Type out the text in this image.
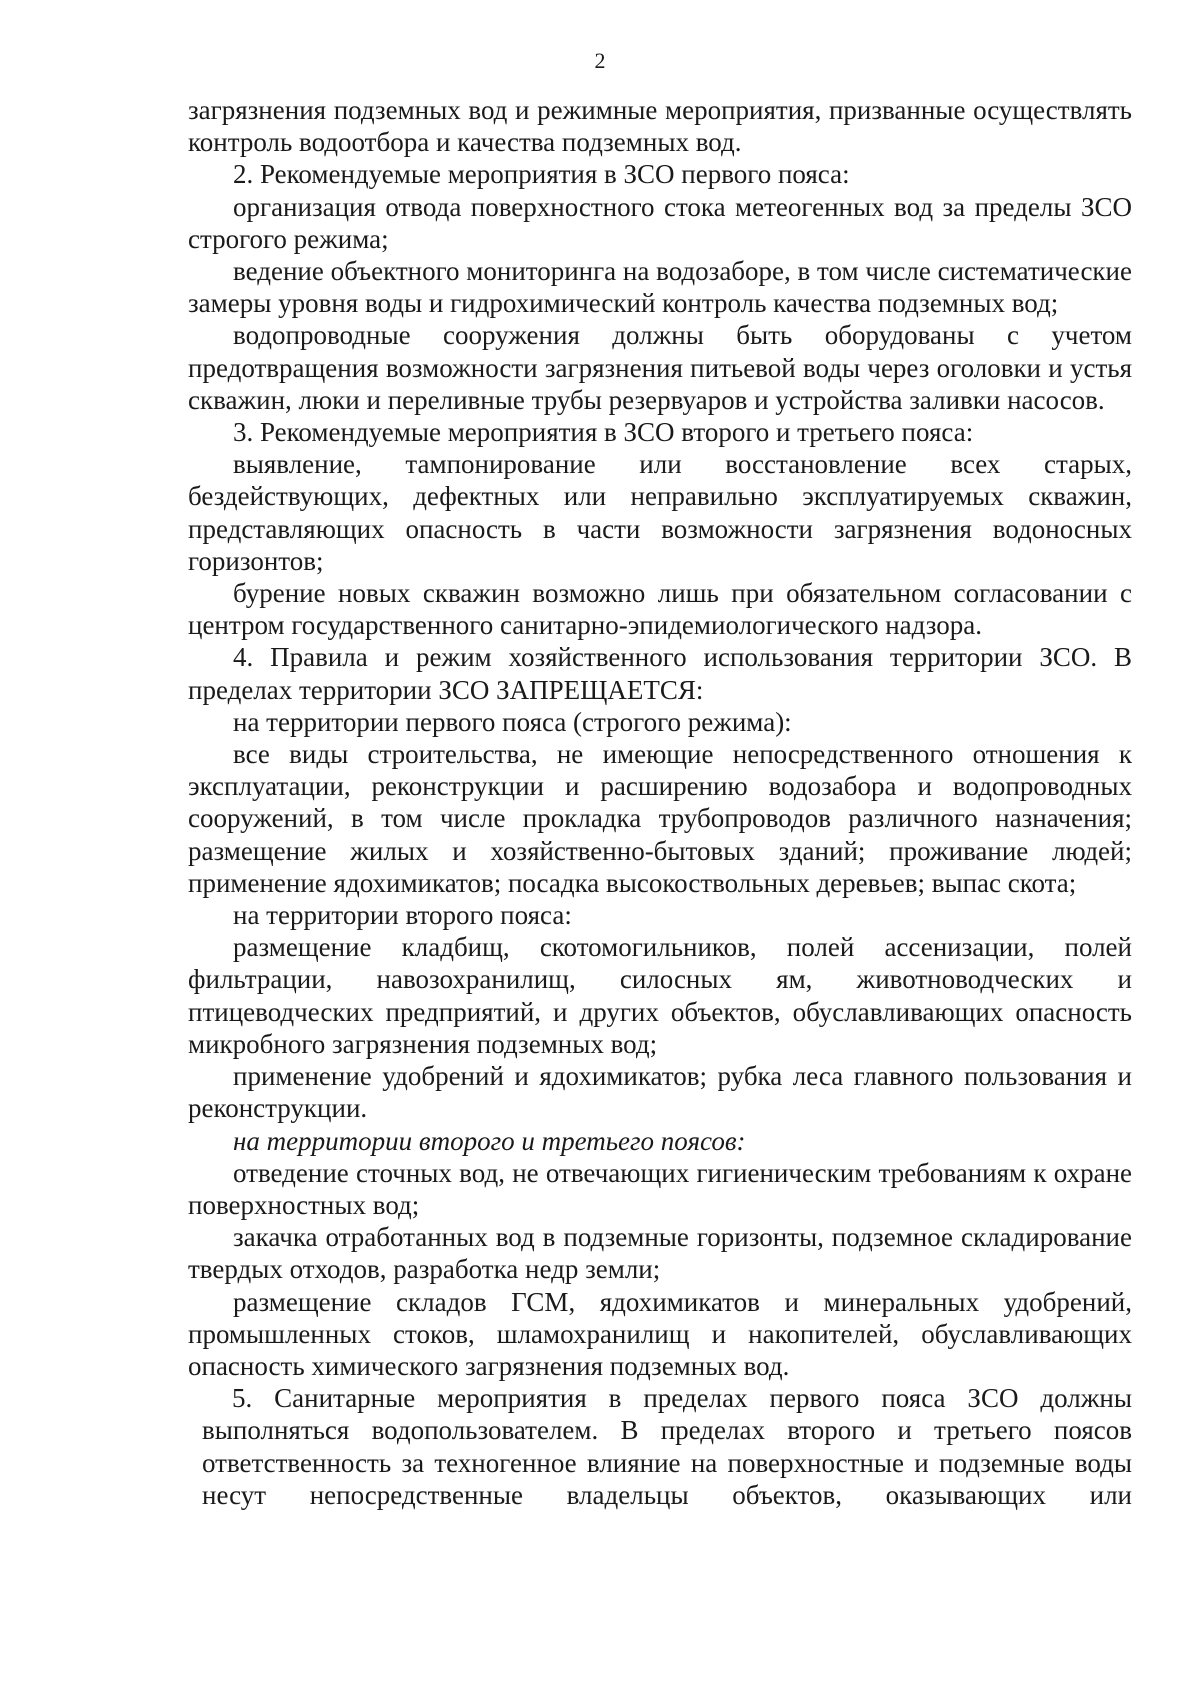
2

загрязнения подземных вод и режимные мероприятия, призванные осуществлять контроль водоотбора и качества подземных вод.

2. Рекомендуемые мероприятия в ЗСО первого пояса:

организация отвода поверхностного стока метеогенных вод за пределы ЗСО строгого режима;

ведение объектного мониторинга на водозаборе, в том числе систематические замеры уровня воды и гидрохимический контроль качества подземных вод;

водопроводные сооружения должны быть оборудованы с учетом предотвращения возможности загрязнения питьевой воды через оголовки и устья скважин, люки и переливные трубы резервуаров и устройства заливки насосов.

3. Рекомендуемые мероприятия в ЗСО второго и третьего пояса:

выявление, тампонирование или восстановление всех старых, бездействующих, дефектных или неправильно эксплуатируемых скважин, представляющих опасность в части возможности загрязнения водоносных горизонтов;

бурение новых скважин возможно лишь при обязательном согласовании с центром государственного санитарно-эпидемиологического надзора.

4. Правила и режим хозяйственного использования территории ЗСО. В пределах территории ЗСО ЗАПРЕЩАЕТСЯ:

на территории первого пояса (строгого режима):

все виды строительства, не имеющие непосредственного отношения к эксплуатации, реконструкции и расширению водозабора и водопроводных сооружений, в том числе прокладка трубопроводов различного назначения; размещение жилых и хозяйственно-бытовых зданий; проживание людей; применение ядохимикатов; посадка высокоствольных деревьев; выпас скота;

на территории второго пояса:

размещение кладбищ, скотомогильников, полей ассенизации, полей фильтрации, навозохранилищ, силосных ям, животноводческих и птицеводческих предприятий, и других объектов, обуславливающих опасность микробного загрязнения подземных вод;

применение удобрений и ядохимикатов; рубка леса главного пользования и реконструкции.

на территории второго и третьего поясов:

отведение сточных вод, не отвечающих гигиеническим требованиям к охране поверхностных вод;

закачка отработанных вод в подземные горизонты, подземное складирование твердых отходов, разработка недр земли;

размещение складов ГСМ, ядохимикатов и минеральных удобрений, промышленных стоков, шламохранилищ и накопителей, обуславливающих опасность химического загрязнения подземных вод.

5. Санитарные мероприятия в пределах первого пояса ЗСО должны выполняться водопользователем. В пределах второго и третьего поясов ответственность за техногенное влияние на поверхностные и подземные воды несут непосредственные владельцы объектов, оказывающих или
